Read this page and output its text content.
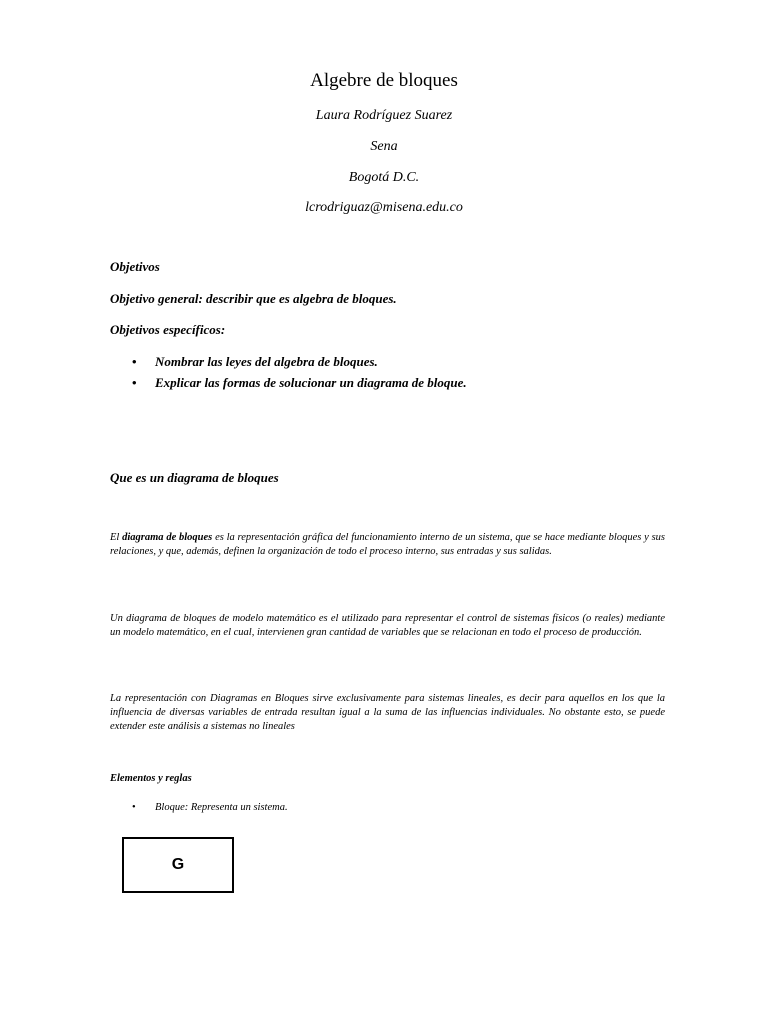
Algebre de bloques
Laura Rodríguez Suarez
Sena
Bogotá D.C.
lcrodriguaz@misena.edu.co
Objetivos
Objetivo general: describir que es algebra de bloques.
Objetivos específicos:
• Nombrar las leyes del algebra de bloques.
• Explicar las formas de solucionar un diagrama de bloque.
Que es un diagrama de bloques
El diagrama de bloques es la representación gráfica del funcionamiento interno de un sistema, que se hace mediante bloques y sus relaciones, y que, además, definen la organización de todo el proceso interno, sus entradas y sus salidas.
Un diagrama de bloques de modelo matemático es el utilizado para representar el control de sistemas físicos (o reales) mediante un modelo matemático, en el cual, intervienen gran cantidad de variables que se relacionan en todo el proceso de producción.
La representación con Diagramas en Bloques sirve exclusivamente para sistemas lineales, es decir para aquellos en los que la influencia de diversas variables de entrada resultan igual a la suma de las influencias individuales. No obstante esto, se puede extender este análisis a sistemas no lineales
Elementos y reglas
• Bloque: Representa un sistema.
G
